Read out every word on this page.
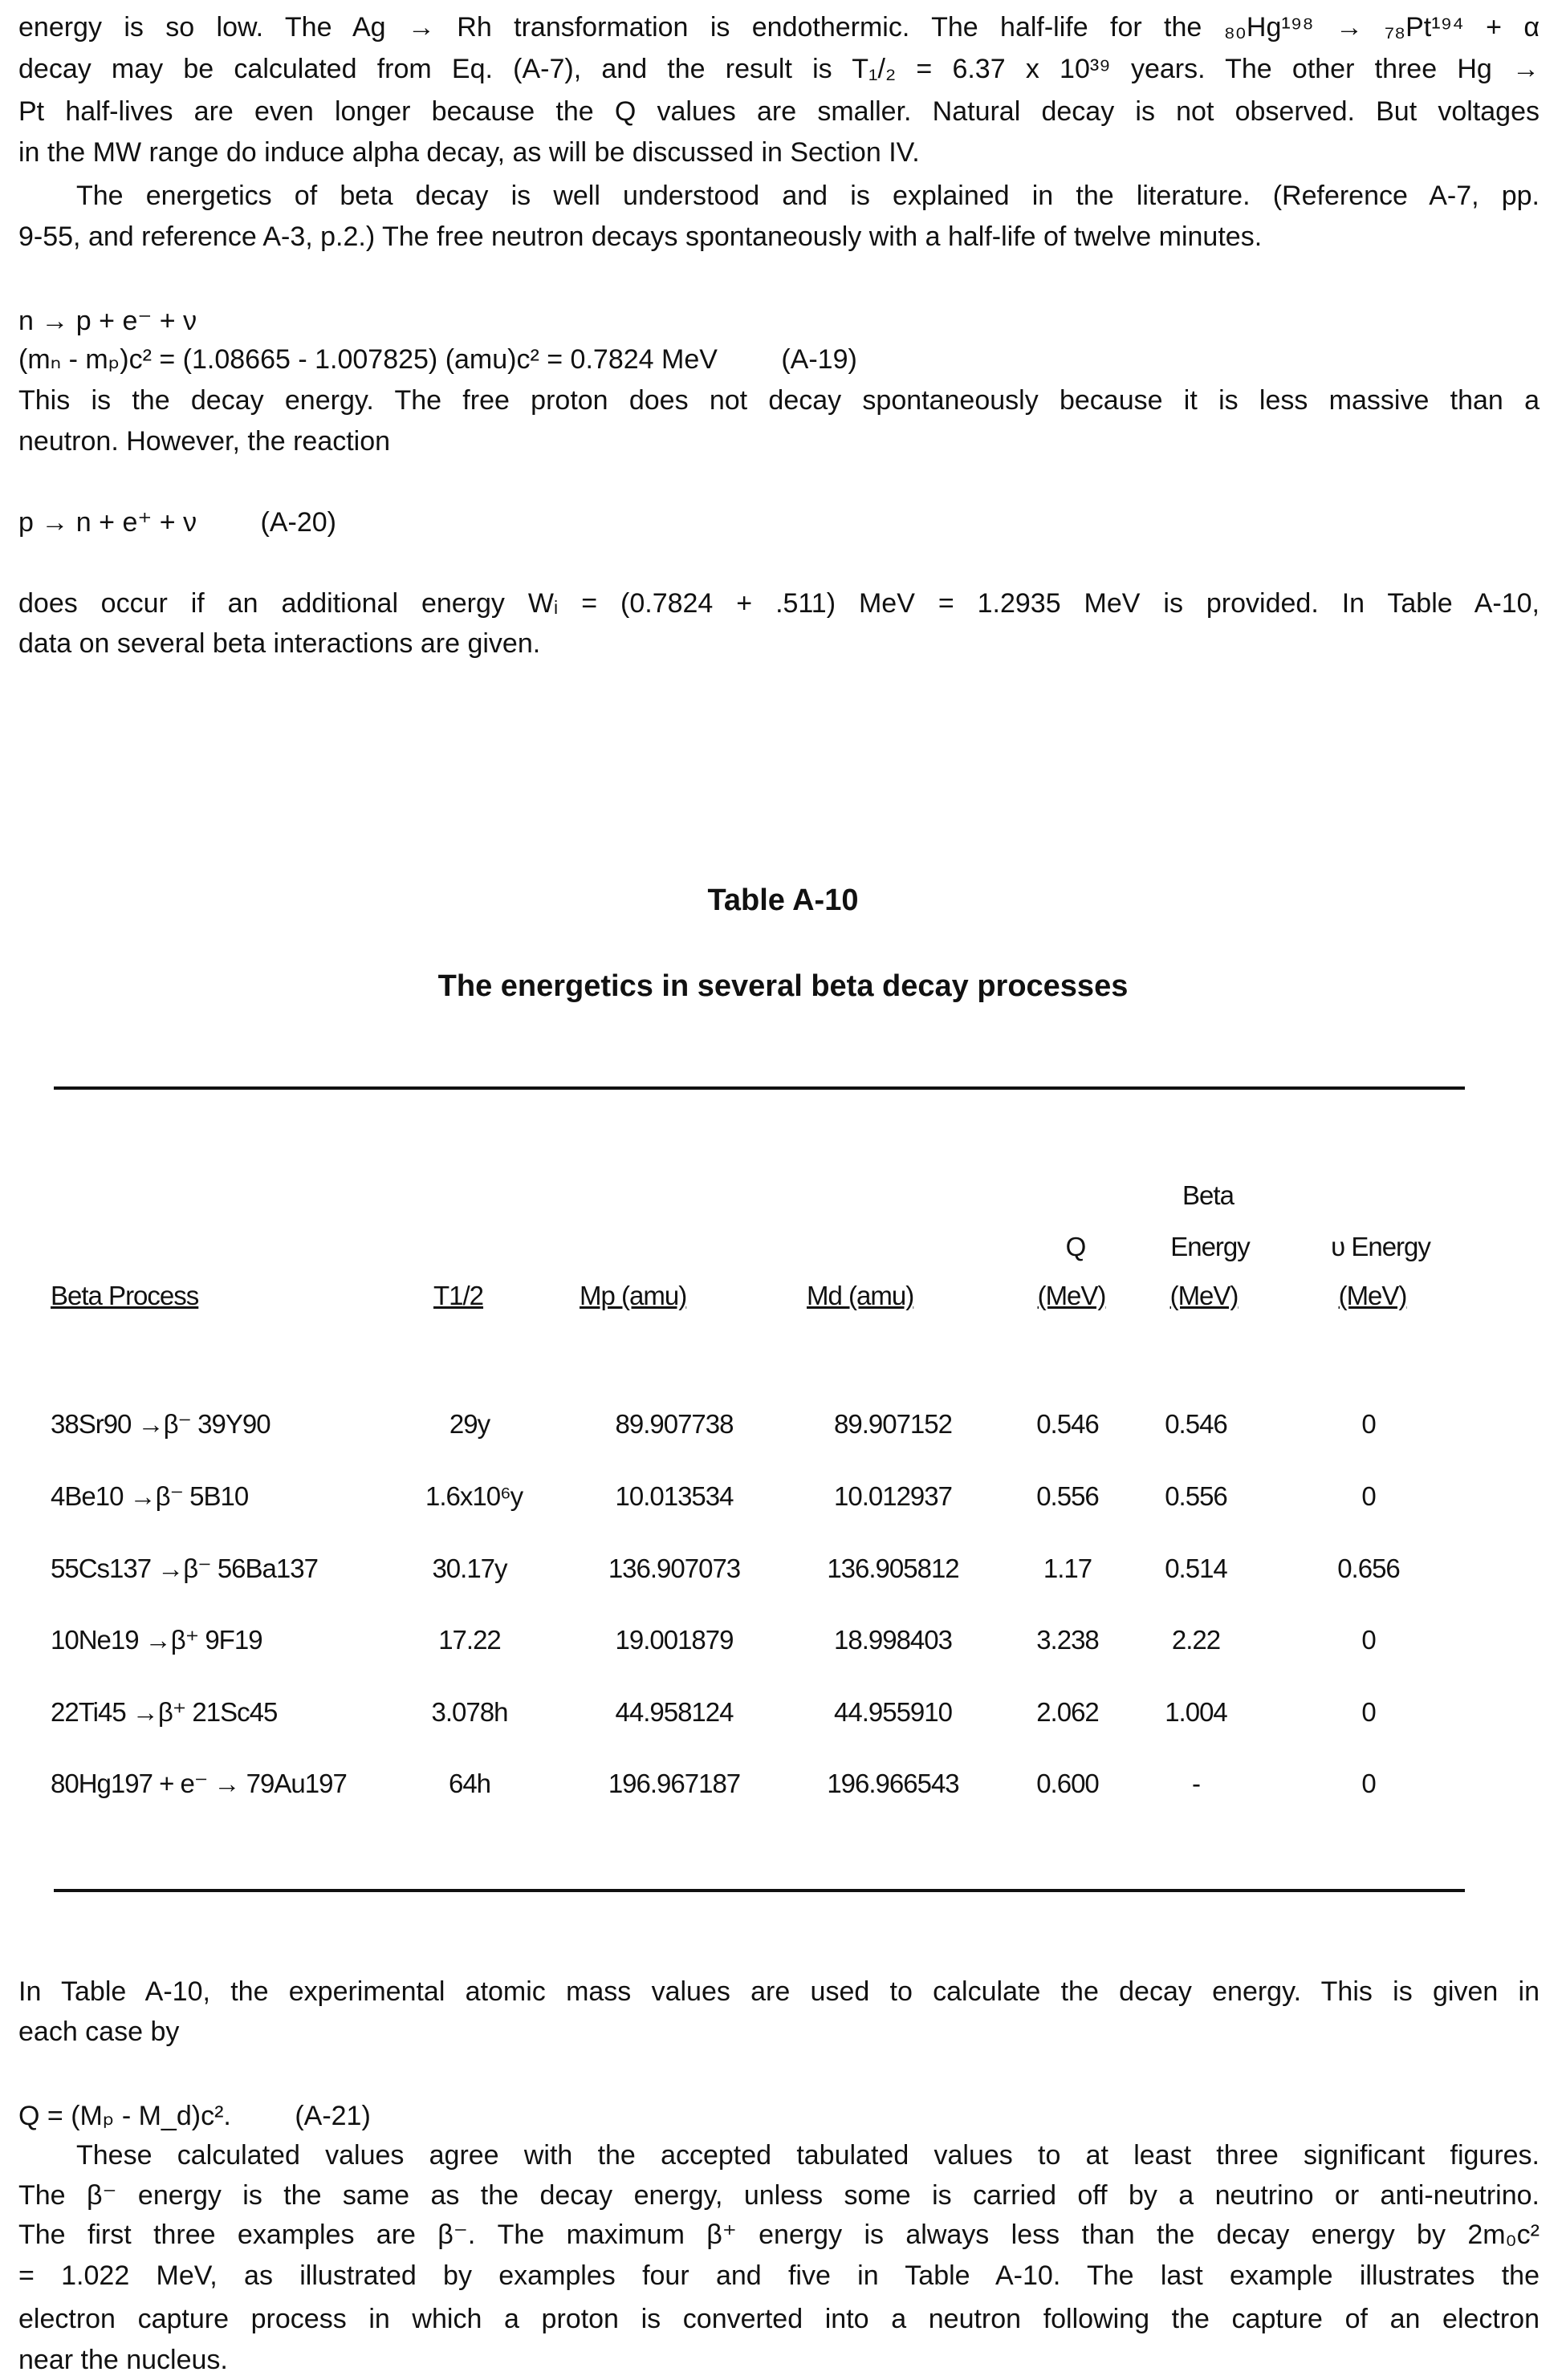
energy is so low. The Ag → Rh transformation is endothermic. The half-life for the ₈₀Hg¹⁹⁸ → ₇₈Pt¹⁹⁴ + α
decay may be calculated from Eq. (A-7), and the result is T₁/₂ = 6.37 x 10³⁹ years. The other three Hg →
Pt half-lives are even longer because the Q values are smaller. Natural decay is not observed. But voltages
in the MW range do induce alpha decay, as will be discussed in Section IV.
The energetics of beta decay is well understood and is explained in the literature. (Reference A-7, pp.
9-55, and reference A-3, p.2.) The free neutron decays spontaneously with a half-life of twelve minutes.
n → p + e⁻ + ν
(mₙ - mₚ)c² = (1.08665 - 1.007825) (amu)c² = 0.7824 MeV (A-19)
This is the decay energy. The free proton does not decay spontaneously because it is less massive than a
neutron. However, the reaction
p → n + e⁺ + ν (A-20)
does occur if an additional energy Wᵢ = (0.7824 + .511) MeV = 1.2935 MeV is provided. In Table A-10,
data on several beta interactions are given.
Table A-10
The energetics in several beta decay processes
Beta
Q	Energy	υ Energy
Beta Process	T1/2	Mp (amu)	Md (amu)	(MeV)	(MeV)	(MeV)
38Sr90 →β⁻ 39Y90	29y	89.907738	89.907152	0.546	0.546	0
4Be10 →β⁻ 5B10	1.6x10⁶y	10.013534	10.012937	0.556	0.556	0
55Cs137 →β⁻ 56Ba137	30.17y	136.907073	136.905812	1.17	0.514	0.656
10Ne19 →β⁺ 9F19	17.22	19.001879	18.998403	3.238	2.22	0
22Ti45 →β⁺ 21Sc45	3.078h	44.958124	44.955910	2.062	1.004	0
80Hg197 + e⁻ → 79Au197	64h	196.967187	196.966543	0.600	-	0
In Table A-10, the experimental atomic mass values are used to calculate the decay energy. This is given in
each case by
Q = (Mₚ - M_d)c². (A-21)
These calculated values agree with the accepted tabulated values to at least three significant figures.
The β⁻ energy is the same as the decay energy, unless some is carried off by a neutrino or anti-neutrino.
The first three examples are β⁻. The maximum β⁺ energy is always less than the decay energy by 2m₀c²
= 1.022 MeV, as illustrated by examples four and five in Table A-10. The last example illustrates the
electron capture process in which a proton is converted into a neutron following the capture of an electron
near the nucleus.
